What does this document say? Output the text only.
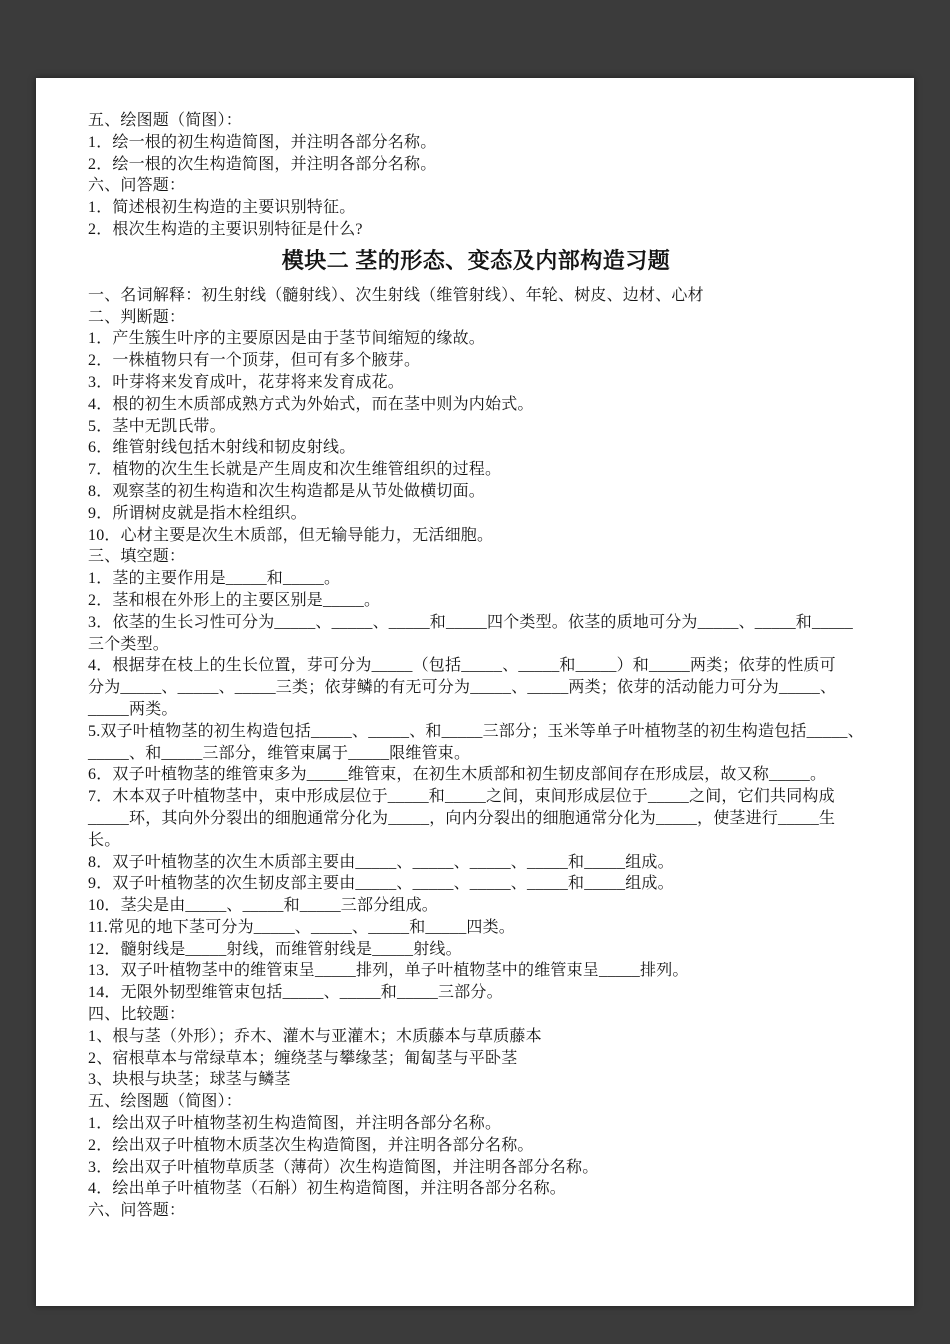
五、绘图题（简图）：
1．绘一根的初生构造简图，并注明各部分名称。
2．绘一根的次生构造简图，并注明各部分名称。
六、问答题：
1．简述根初生构造的主要识别特征。
2．根次生构造的主要识别特征是什么?
模块二 茎的形态、变态及内部构造习题
一、名词解释：初生射线（髓射线）、次生射线（维管射线）、年轮、树皮、边材、心材
二、判断题：
1．产生簇生叶序的主要原因是由于茎节间缩短的缘故。
2．一株植物只有一个顶芽，但可有多个腋芽。
3．叶芽将来发育成叶，花芽将来发育成花。
4．根的初生木质部成熟方式为外始式，而在茎中则为内始式。
5．茎中无凯氏带。
6．维管射线包括木射线和韧皮射线。
7．植物的次生生长就是产生周皮和次生维管组织的过程。
8．观察茎的初生构造和次生构造都是从节处做横切面。
9．所谓树皮就是指木栓组织。
10．心材主要是次生木质部，但无输导能力，无活细胞。
三、填空题：
1．茎的主要作用是_____和_____。
2．茎和根在外形上的主要区别是_____。
3．依茎的生长习性可分为_____、_____、_____和_____四个类型。依茎的质地可分为_____、_____和_____
三个类型。
4．根据芽在枝上的生长位置，芽可分为_____（包括_____、_____和_____）和_____两类；依芽的性质可
分为_____、_____、_____三类；依芽鳞的有无可分为_____、_____两类；依芽的活动能力可分为_____、
_____两类。
5.双子叶植物茎的初生构造包括_____、_____、和_____三部分；玉米等单子叶植物茎的初生构造包括_____、
_____、和_____三部分，维管束属于_____限维管束。
6．双子叶植物茎的维管束多为_____维管束，在初生木质部和初生韧皮部间存在形成层，故又称_____。
7．木本双子叶植物茎中，束中形成层位于_____和_____之间，束间形成层位于_____之间，它们共同构成
_____环，其向外分裂出的细胞通常分化为_____，向内分裂出的细胞通常分化为_____，使茎进行_____生
长。
8．双子叶植物茎的次生木质部主要由_____、_____、_____、_____和_____组成。
9．双子叶植物茎的次生韧皮部主要由_____、_____、_____、_____和_____组成。
10．茎尖是由_____、_____和_____三部分组成。
11.常见的地下茎可分为_____、_____、_____和_____四类。
12．髓射线是_____射线，而维管射线是_____射线。
13．双子叶植物茎中的维管束呈_____排列，单子叶植物茎中的维管束呈_____排列。
14．无限外韧型维管束包括_____、_____和_____三部分。
四、比较题：
1、根与茎（外形）；乔木、灌木与亚灌木；木质藤本与草质藤本
2、宿根草本与常绿草本；缠绕茎与攀缘茎；匍匐茎与平卧茎
3、块根与块茎；球茎与鳞茎
五、绘图题（简图）：
1．绘出双子叶植物茎初生构造简图，并注明各部分名称。
2．绘出双子叶植物木质茎次生构造简图，并注明各部分名称。
3．绘出双子叶植物草质茎（薄荷）次生构造简图，并注明各部分名称。
4．绘出单子叶植物茎（石斛）初生构造简图，并注明各部分名称。
六、问答题：
